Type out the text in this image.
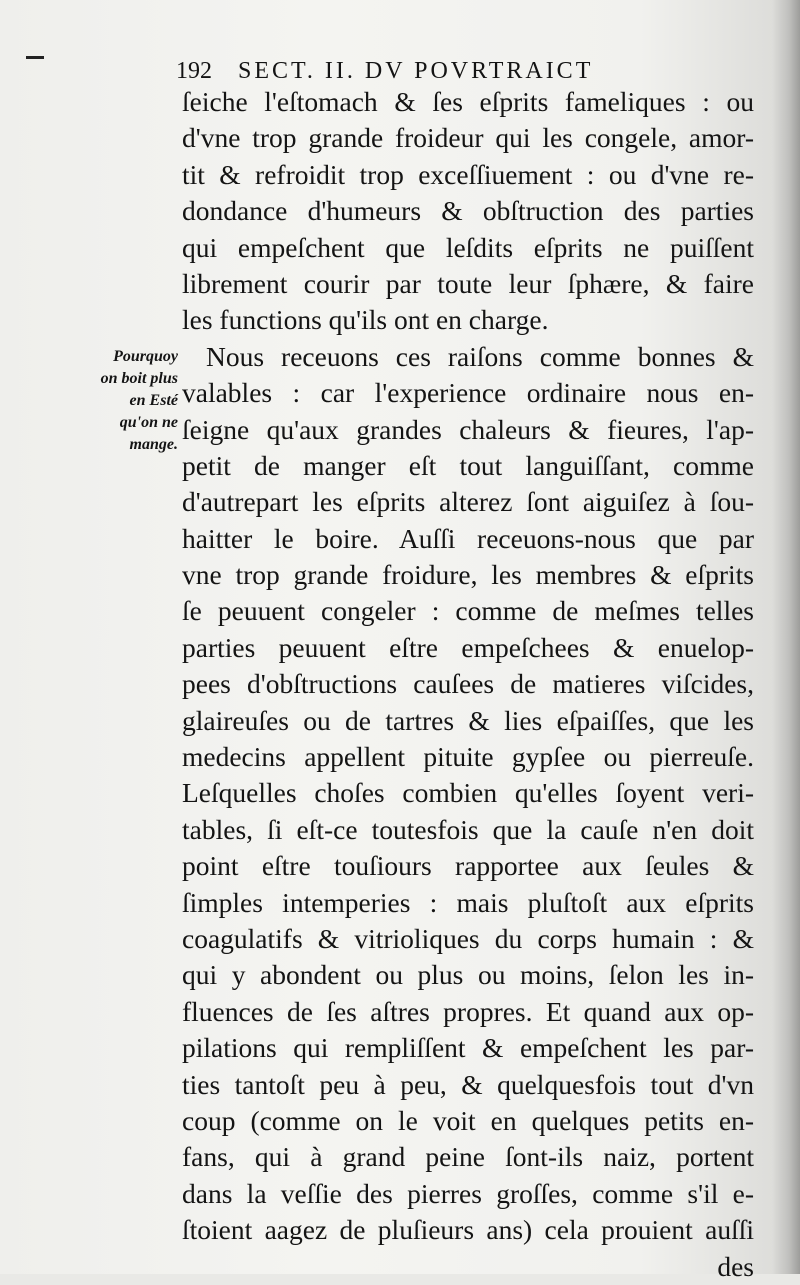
192 SECT. II. DV POVRTRAICT
Pourquoy
on boit plus
en Esté
qu'on ne
mange.
ſeiche l'eſtomach & ſes eſprits fameliques : ou
d'vne trop grande froideur qui les congele, amor-
tit & refroidit trop exceſſiuement : ou d'vne re-
dondance d'humeurs & obſtruction des parties
qui empeſchent que leſdits eſprits ne puiſſent
librement courir par toute leur ſphære, & faire
les functions qu'ils ont en charge.
Nous receuons ces raiſons comme bonnes &
valables : car l'experience ordinaire nous en-
ſeigne qu'aux grandes chaleurs & fieures, l'ap-
petit de manger eſt tout languiſſant, comme
d'autrepart les eſprits alterez ſont aiguiſez à ſou-
haitter le boire. Auſſi receuons-nous que par
vne trop grande froidure, les membres & eſprits
ſe peuuent congeler : comme de meſmes telles
parties peuuent eſtre empeſchees & enuelop-
pees d'obſtructions cauſees de matieres viſcides,
glaireuſes ou de tartres & lies eſpaiſſes, que les
medecins appellent pituite gypſee ou pierreuſe.
Leſquelles choſes combien qu'elles ſoyent veri-
tables, ſi eſt-ce toutesfois que la cauſe n'en doit
point eſtre touſiours rapportee aux ſeules &
ſimples intemperies : mais pluſtoſt aux eſprits
coagulatifs & vitrioliques du corps humain : &
qui y abondent ou plus ou moins, ſelon les in-
fluences de ſes aſtres propres. Et quand aux op-
pilations qui rempliſſent & empeſchent les par-
ties tantoſt peu à peu, & quelquesfois tout d'vn
coup (comme on le voit en quelques petits en-
fans, qui à grand peine ſont-ils naiz, portent
dans la veſſie des pierres groſſes, comme s'il e-
ſtoient aagez de pluſieurs ans) cela prouient auſſi
des
